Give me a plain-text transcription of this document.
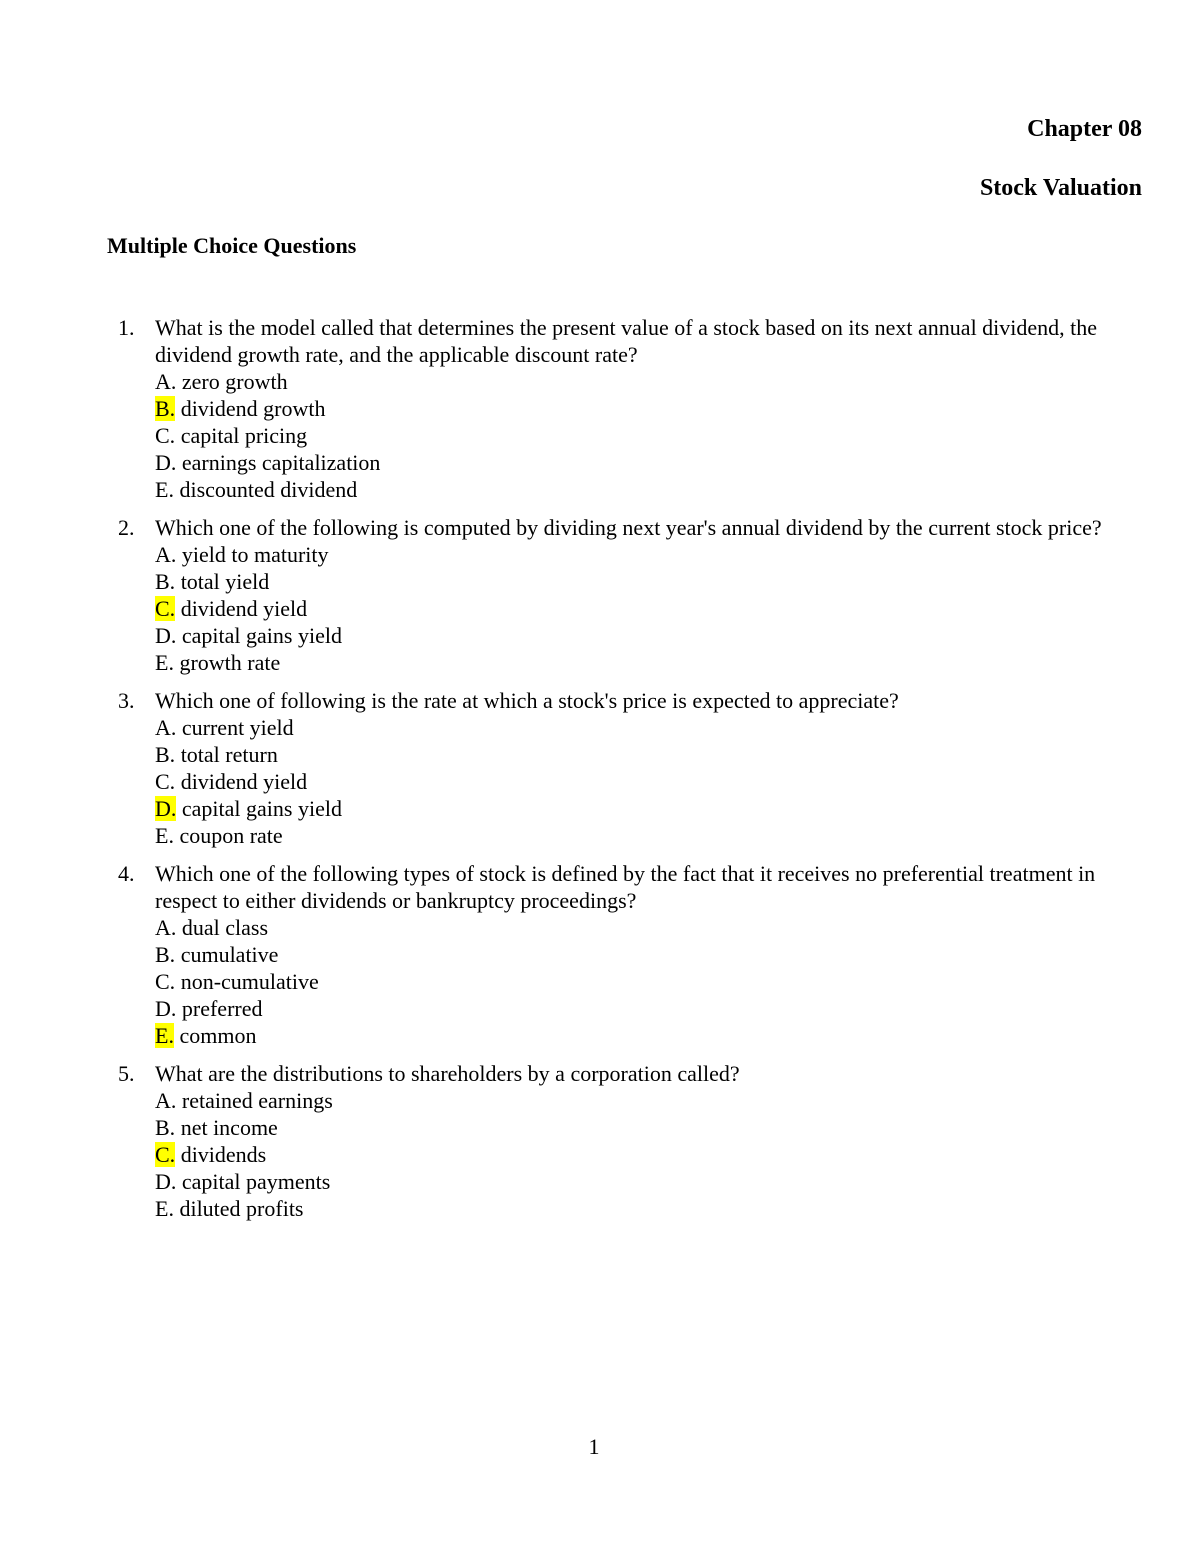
Chapter 08
Stock Valuation
Multiple Choice Questions
1. What is the model called that determines the present value of a stock based on its next annual dividend, the dividend growth rate, and the applicable discount rate?
A. zero growth
B. dividend growth
C. capital pricing
D. earnings capitalization
E. discounted dividend
2. Which one of the following is computed by dividing next year's annual dividend by the current stock price?
A. yield to maturity
B. total yield
C. dividend yield
D. capital gains yield
E. growth rate
3. Which one of following is the rate at which a stock's price is expected to appreciate?
A. current yield
B. total return
C. dividend yield
D. capital gains yield
E. coupon rate
4. Which one of the following types of stock is defined by the fact that it receives no preferential treatment in respect to either dividends or bankruptcy proceedings?
A. dual class
B. cumulative
C. non-cumulative
D. preferred
E. common
5. What are the distributions to shareholders by a corporation called?
A. retained earnings
B. net income
C. dividends
D. capital payments
E. diluted profits
1
